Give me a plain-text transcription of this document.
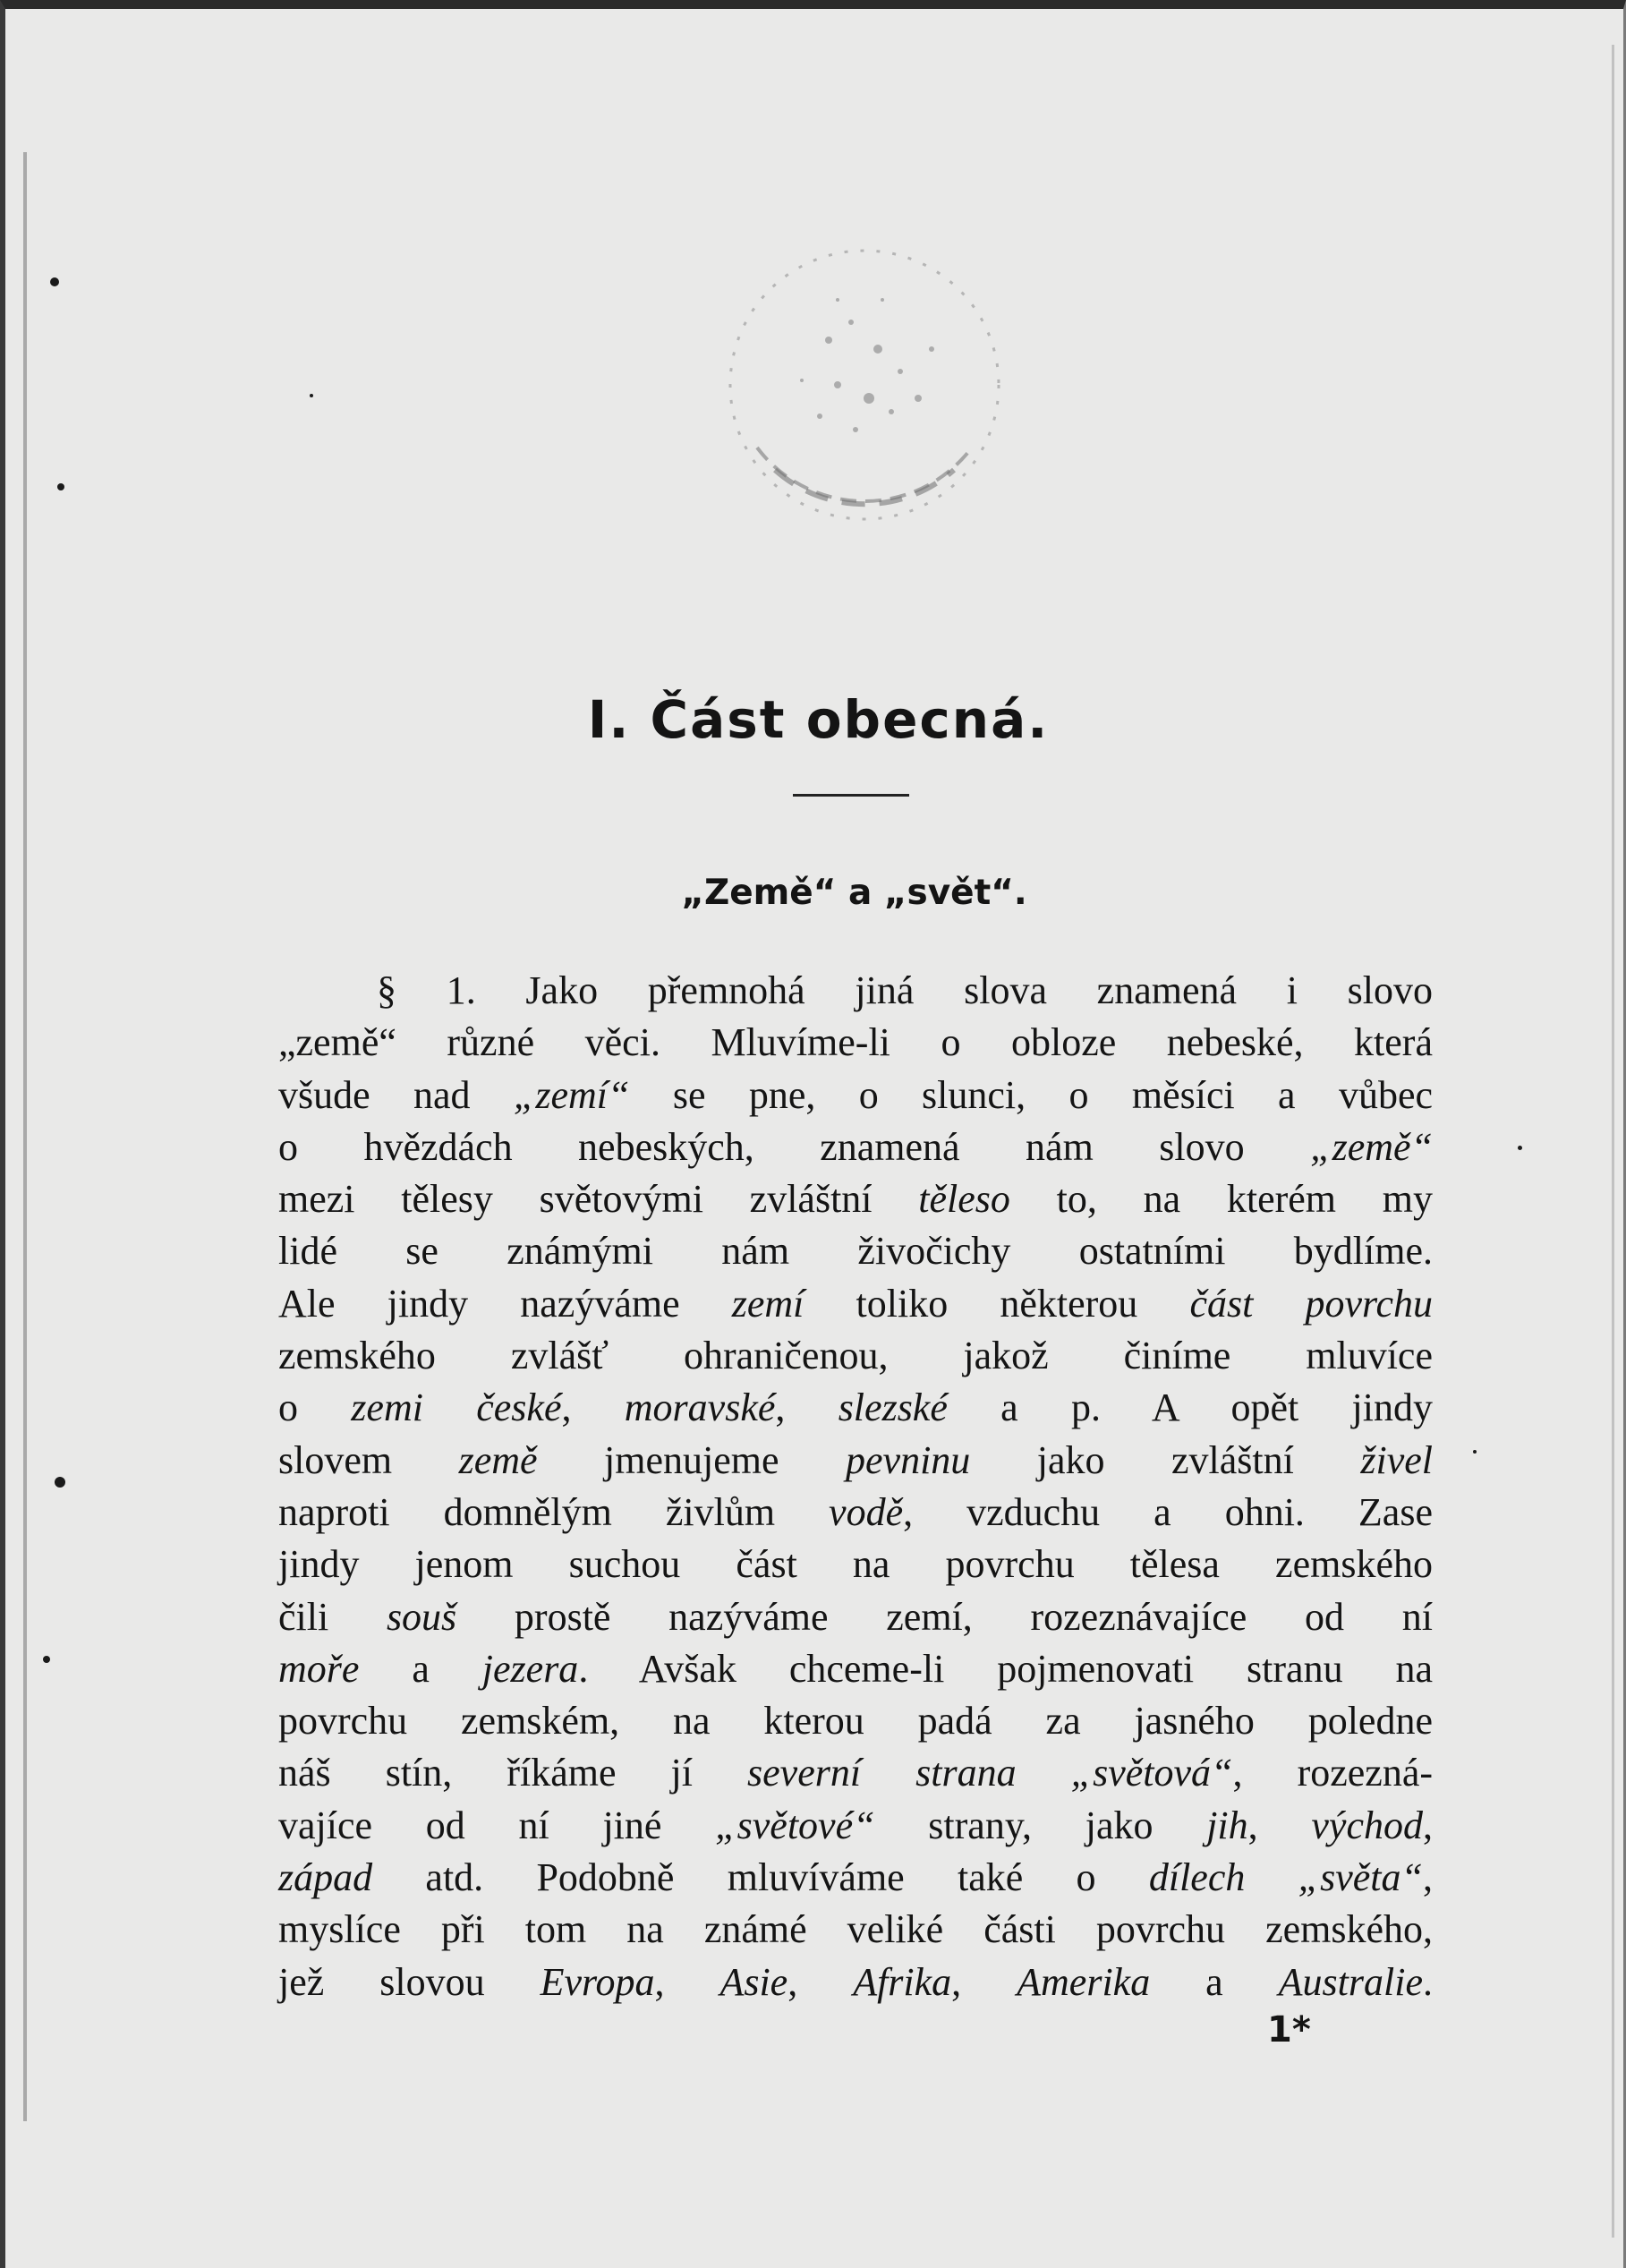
I. Část obecná.
„Země“ a „svět“.

§ 1. Jako přemnohá jiná slova znamená i slovo
„země“ různé věci. Mluvíme-li o obloze nebeské, která
všude nad „zemí“ se pne, o slunci, o měsíci a vůbec
o hvězdách nebeských, znamená nám slovo „země“
mezi tělesy světovými zvláštní těleso to, na kterém my
lidé se známými nám živočichy ostatními bydlíme.
Ale jindy nazýváme zemí toliko některou část povrchu
zemského zvlášť ohraničenou, jakož činíme mluvíce
o zemi české, moravské, slezské a p. A opět jindy
slovem země jmenujeme pevninu jako zvláštní živel
naproti domnělým živlům vodě, vzduchu a ohni. Zase
jindy jenom suchou část na povrchu tělesa zemského
čili souš prostě nazýváme zemí, rozeznávajíce od ní
moře a jezera. Avšak chceme-li pojmenovati stranu na
povrchu zemském, na kterou padá za jasného poledne
náš stín, říkáme jí severní strana „světová“, rozezná-
vajíce od ní jiné „světové“ strany, jako jih, východ,
západ atd. Podobně mluvíváme také o dílech „světa“,
myslíce při tom na známé veliké části povrchu zemského,
jež slovou Evropa, Asie, Afrika, Amerika a Australie.

1*
